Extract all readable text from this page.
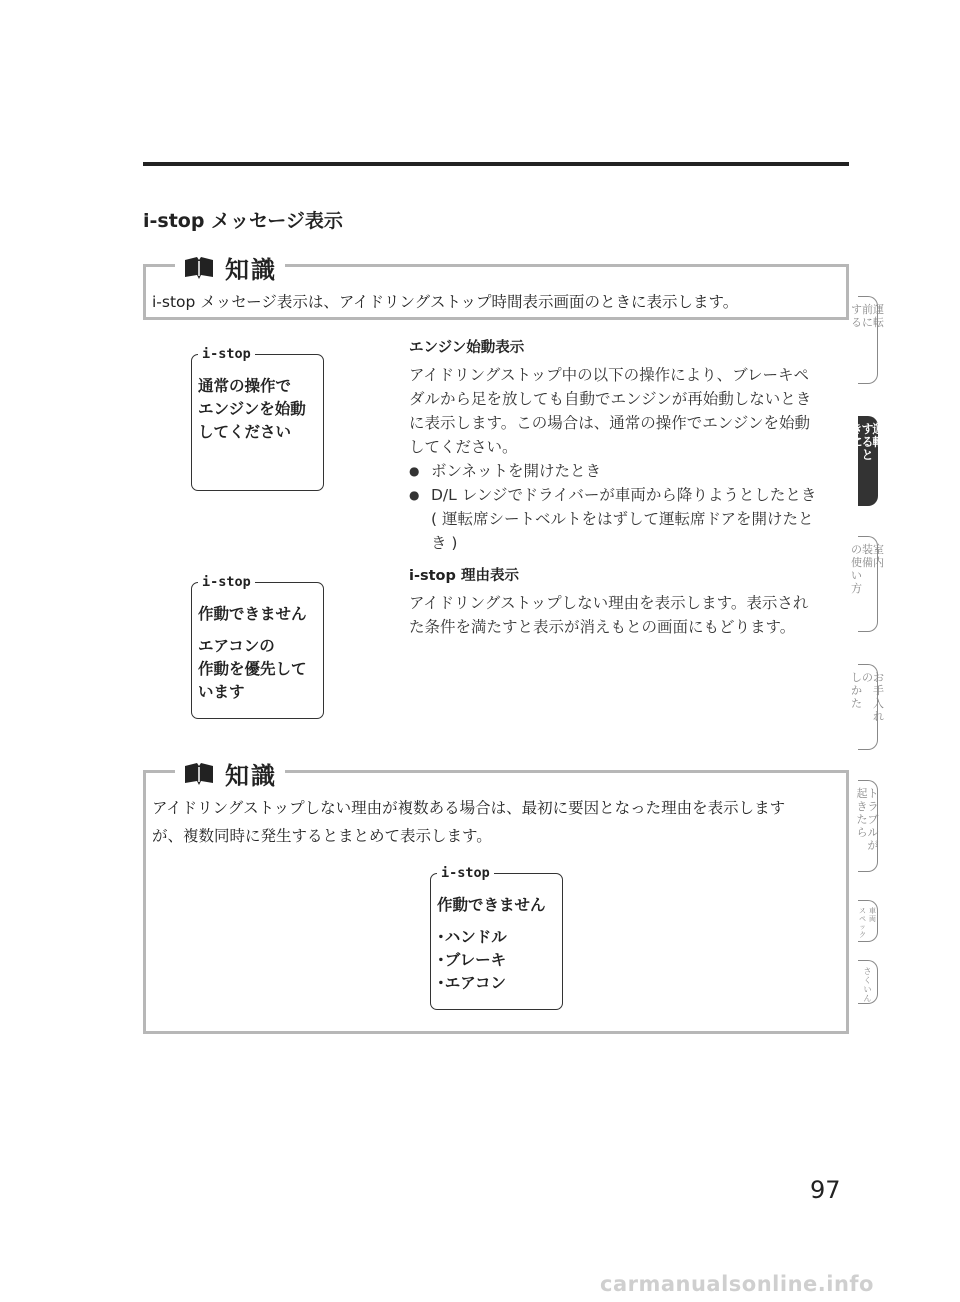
i-stop メッセージ表示
知識
i-stop メッセージ表示は、アイドリングストップ時間表示画面のときに表示します。
i-stop
通常の操作で
エンジンを始動
してください
エンジン始動表示
アイドリングストップ中の以下の操作により、ブレーキペ
ダルから足を放しても自動でエンジンが再始動しないとき
に表示します。この場合は、通常の操作でエンジンを始動
してください。
● ボンネットを開けたとき
● D/L レンジでドライバーが車両から降りようとしたとき
( 運転席シートベルトをはずして運転席ドアを開けたと
き )
i-stop
作動できません
エアコンの
作動を優先して
います
i-stop 理由表示
アイドリングストップしない理由を表示します。表示され
た条件を満たすと表示が消えもとの画面にもどります。
知識
アイドリングストップしない理由が複数ある場合は、最初に要因となった理由を表示します
が、複数同時に発生するとまとめて表示します。
i-stop
作動できません
･ハンドル
･ブレーキ
･エアコン
運
転
前
に
す
る
運
転
す
る
と
き
に
室
内
装
備
の
使
い
方
お
手
入
れ
の
し
か
た
ト
ラ
ブ
ル
が
起
き
た
ら
車
両
ス
ペ
ッ
ク
さ
く
い
ん
97
carmanualsonline.info
